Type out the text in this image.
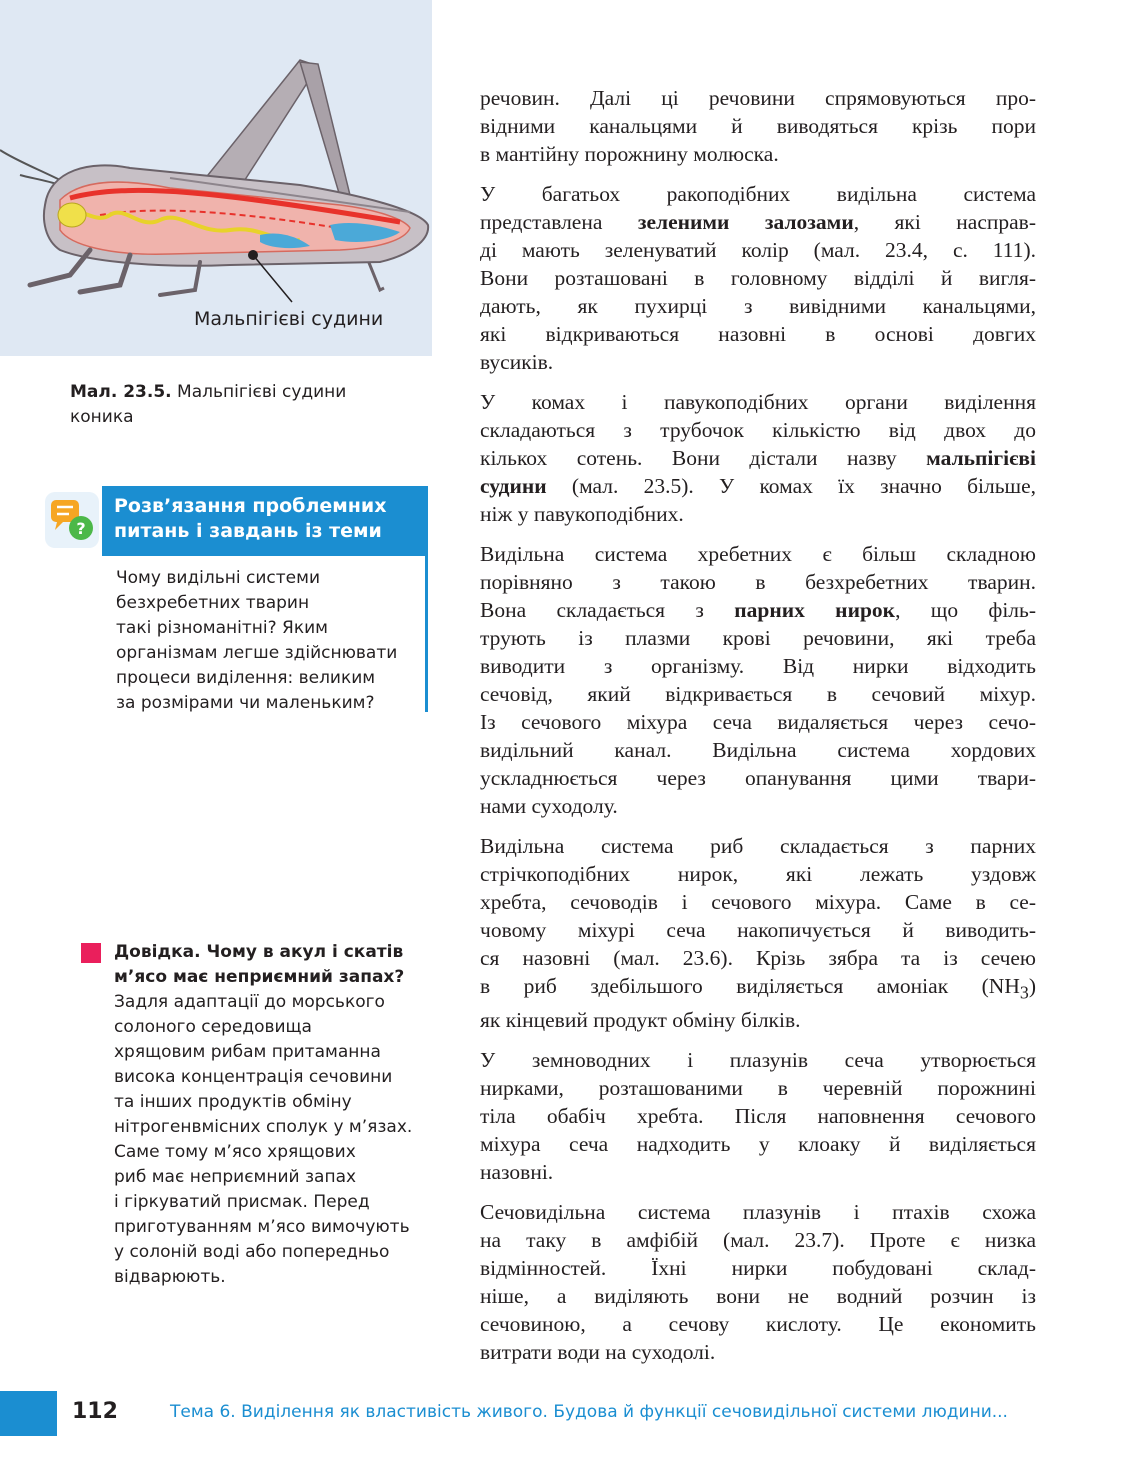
Мальпігієві судини
Мал. 23.5. Мальпігієві судини коника
?
Розв’язання проблемних
питань і завдань із теми
Чому видільні системи
безхребетних тварин
такі різноманітні? Яким
організмам легше здійснювати
процеси виділення: великим
за розмірами чи маленьким?
Довідка. Чому в акул і скатів
м’ясо має неприємний запах?
Задля адаптації до морського
солоного середовища
хрящовим рибам притаманна
висока концентрація сечовини
та інших продуктів обміну
нітрогенвмісних сполук у м’язах.
Саме тому м’ясо хрящових
риб має неприємний запах
і гіркуватий присмак. Перед
приготуванням м’ясо вимочують
у солоній воді або попередньо
відварюють.

речовин. Далі ці речовини спрямовуються про-
відними канальцями й виводяться крізь пори
в мантійну порожнину молюска.

У багатьох ракоподібних видільна система
представлена зеленими залозами, які насправ-
ді мають зеленуватий колір (мал. 23.4, с. 111).
Вони розташовані в головному відділі й вигля-
дають, як пухирці з вивідними канальцями,
які відкриваються назовні в основі довгих
вусиків.

У комах і павукоподібних органи виділення
складаються з трубочок кількістю від двох до
кількох сотень. Вони дістали назву мальпігієві
судини (мал. 23.5). У комах їх значно більше,
ніж у павукоподібних.

Видільна система хребетних є більш складною
порівняно з такою в безхребетних тварин.
Вона складається з парних нирок, що філь-
трують із плазми крові речовини, які треба
виводити з організму. Від нирки відходить
сечовід, який відкривається в сечовий міхур.
Із сечового міхура сеча видаляється через сечо-
видільний канал. Видільна система хордових
ускладнюється через опанування цими твари-
нами суходолу.

Видільна система риб складається з парних
стрічкоподібних нирок, які лежать уздовж
хребта, сечоводів і сечового міхура. Саме в се-
човому міхурі сеча накопичується й виводить-
ся назовні (мал. 23.6). Крізь зябра та із сечею
в риб здебільшого виділяється амоніак $(NH_3)$
як кінцевий продукт обміну білків.

У земноводних і плазунів сеча утворюється
нирками, розташованими в черевній порожнині
тіла обабіч хребта. Після наповнення сечового
міхура сеча надходить у клоаку й виділяється
назовні.

Сечовидільна система плазунів і птахів схожа
на таку в амфібій (мал. 23.7). Проте є низка
відмінностей. Їхні нирки побудовані склад-
ніше, а виділяють вони не водний розчин із
сечовиною, а сечову кислоту. Це економить
витрати води на суходолі.

112	Тема 6. Виділення як властивість живого. Будова й функції сечовидільної системи людини...
